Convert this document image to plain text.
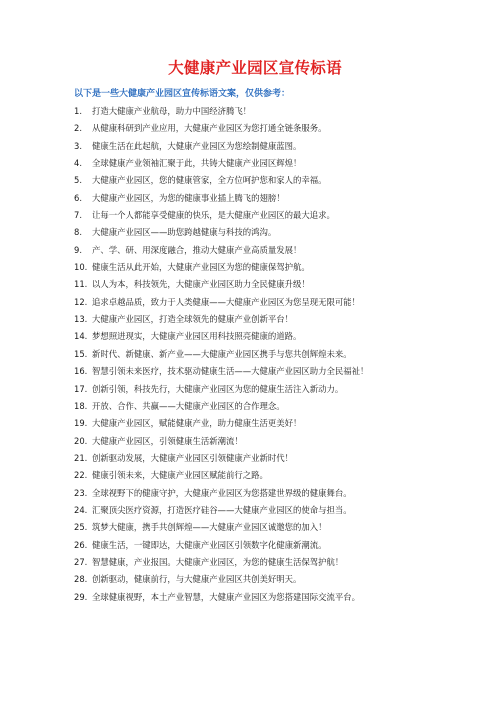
大健康产业园区宣传标语
以下是一些大健康产业园区宣传标语文案，仅供参考：
1.	打造大健康产业航母，助力中国经济腾飞！
2.	从健康科研到产业应用，大健康产业园区为您打通全链条服务。
3.	健康生活在此起航，大健康产业园区为您绘制健康蓝图。
4.	全球健康产业领袖汇聚于此，共铸大健康产业园区辉煌！
5.	大健康产业园区，您的健康管家，全方位呵护您和家人的幸福。
6.	大健康产业园区，为您的健康事业插上腾飞的翅膀！
7.	让每一个人都能享受健康的快乐，是大健康产业园区的最大追求。
8.	大健康产业园区——助您跨越健康与科技的鸿沟。
9.	产、学、研、用深度融合，推动大健康产业高质量发展！
10. 健康生活从此开始，大健康产业园区为您的健康保驾护航。
11. 以人为本，科技领先，大健康产业园区助力全民健康升级！
12. 追求卓越品质，致力于人类健康——大健康产业园区为您呈现无限可能！
13. 大健康产业园区，打造全球领先的健康产业创新平台！
14. 梦想照进现实，大健康产业园区用科技照亮健康的道路。
15. 新时代、新健康、新产业——大健康产业园区携手与您共创辉煌未来。
16. 智慧引领未来医疗，技术驱动健康生活——大健康产业园区助力全民福祉！
17. 创新引领，科技先行，大健康产业园区为您的健康生活注入新动力。
18. 开放、合作、共赢——大健康产业园区的合作理念。
19. 大健康产业园区，赋能健康产业，助力健康生活更美好！
20. 大健康产业园区，引领健康生活新潮流！
21. 创新驱动发展，大健康产业园区引领健康产业新时代！
22. 健康引领未来，大健康产业园区赋能前行之路。
23. 全球视野下的健康守护，大健康产业园区为您搭建世界级的健康舞台。
24. 汇聚顶尖医疗资源，打造医疗硅谷——大健康产业园区的使命与担当。
25. 筑梦大健康，携手共创辉煌——大健康产业园区诚邀您的加入！
26. 健康生活，一键即达，大健康产业园区引领数字化健康新潮流。
27. 智慧健康，产业报国。大健康产业园区，为您的健康生活保驾护航！
28. 创新驱动，健康前行，与大健康产业园区共创美好明天。
29. 全球健康视野，本土产业智慧，大健康产业园区为您搭建国际交流平台。
